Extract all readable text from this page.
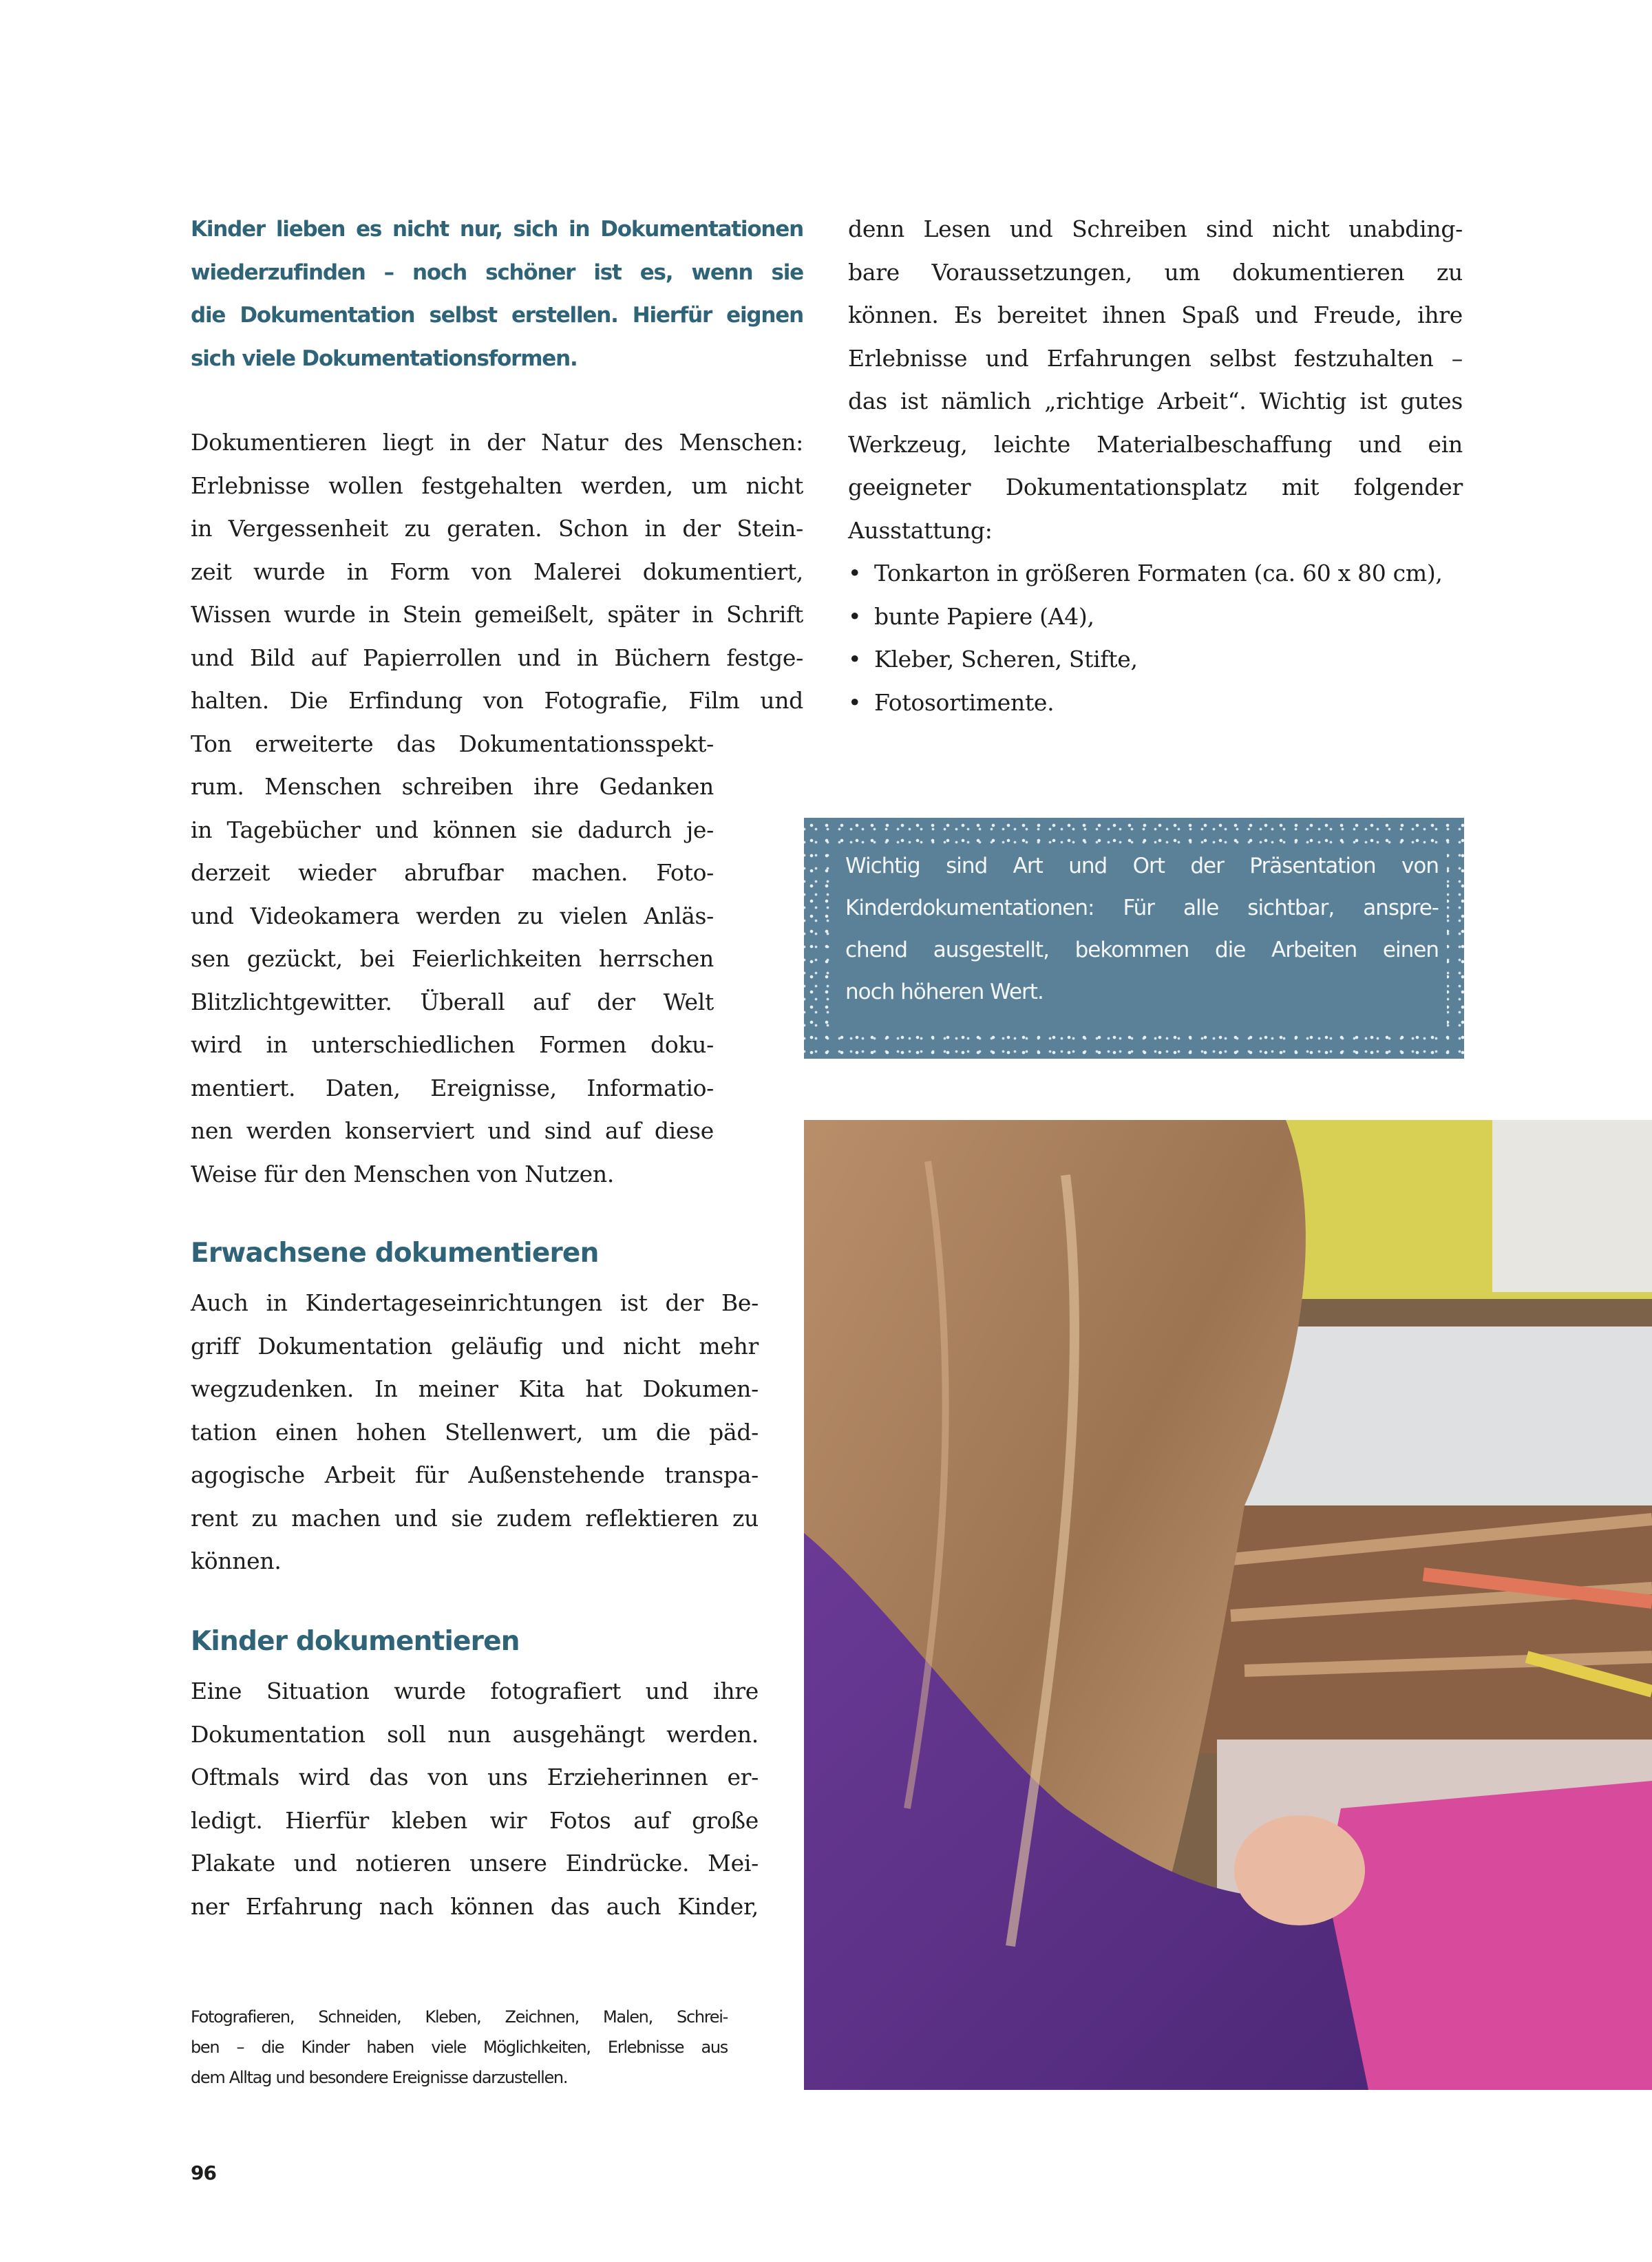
Kinder lieben es nicht nur, sich in Dokumentationen
wiederzufinden – noch schöner ist es, wenn sie
die Dokumentation selbst erstellen. Hierfür eignen
sich viele Dokumentationsformen.
Dokumentieren liegt in der Natur des Menschen:
Erlebnisse wollen festgehalten werden, um nicht
in Vergessenheit zu geraten. Schon in der Stein-
zeit wurde in Form von Malerei dokumentiert,
Wissen wurde in Stein gemeißelt, später in Schrift
und Bild auf Papierrollen und in Büchern festge-
halten. Die Erfindung von Fotografie, Film und
Ton erweiterte das Dokumentationsspekt-
rum. Menschen schreiben ihre Gedanken
in Tagebücher und können sie dadurch je-
derzeit wieder abrufbar machen. Foto-
und Videokamera werden zu vielen Anläs-
sen gezückt, bei Feierlichkeiten herrschen
Blitzlichtgewitter. Überall auf der Welt
wird in unterschiedlichen Formen doku-
mentiert. Daten, Ereignisse, Informatio-
nen werden konserviert und sind auf diese
Weise für den Menschen von Nutzen.
Erwachsene dokumentieren
Auch in Kindertageseinrichtungen ist der Be-
griff Dokumentation geläufig und nicht mehr
wegzudenken. In meiner Kita hat Dokumen-
tation einen hohen Stellenwert, um die päd-
agogische Arbeit für Außenstehende transpa-
rent zu machen und sie zudem reflektieren zu
können.
Kinder dokumentieren
Eine Situation wurde fotografiert und ihre
Dokumentation soll nun ausgehängt werden.
Oftmals wird das von uns Erzieherinnen er-
ledigt. Hierfür kleben wir Fotos auf große
Plakate und notieren unsere Eindrücke. Mei-
ner Erfahrung nach können das auch Kinder,
denn Lesen und Schreiben sind nicht unabding-
bare Voraussetzungen, um dokumentieren zu
können. Es bereitet ihnen Spaß und Freude, ihre
Erlebnisse und Erfahrungen selbst festzuhalten –
das ist nämlich „richtige Arbeit“. Wichtig ist gutes
Werkzeug, leichte Materialbeschaffung und ein
geeigneter Dokumentationsplatz mit folgender
Ausstattung:
• Tonkarton in größeren Formaten (ca. 60 x 80 cm),
• bunte Papiere (A4),
• Kleber, Scheren, Stifte,
• Fotosortimente.
Wichtig sind Art und Ort der Präsentation von
Kinderdokumentationen: Für alle sichtbar, anspre-
chend ausgestellt, bekommen die Arbeiten einen
noch höheren Wert.
Fotografieren, Schneiden, Kleben, Zeichnen, Malen, Schrei-
ben – die Kinder haben viele Möglichkeiten, Erlebnisse aus
dem Alltag und besondere Ereignisse darzustellen.
96
